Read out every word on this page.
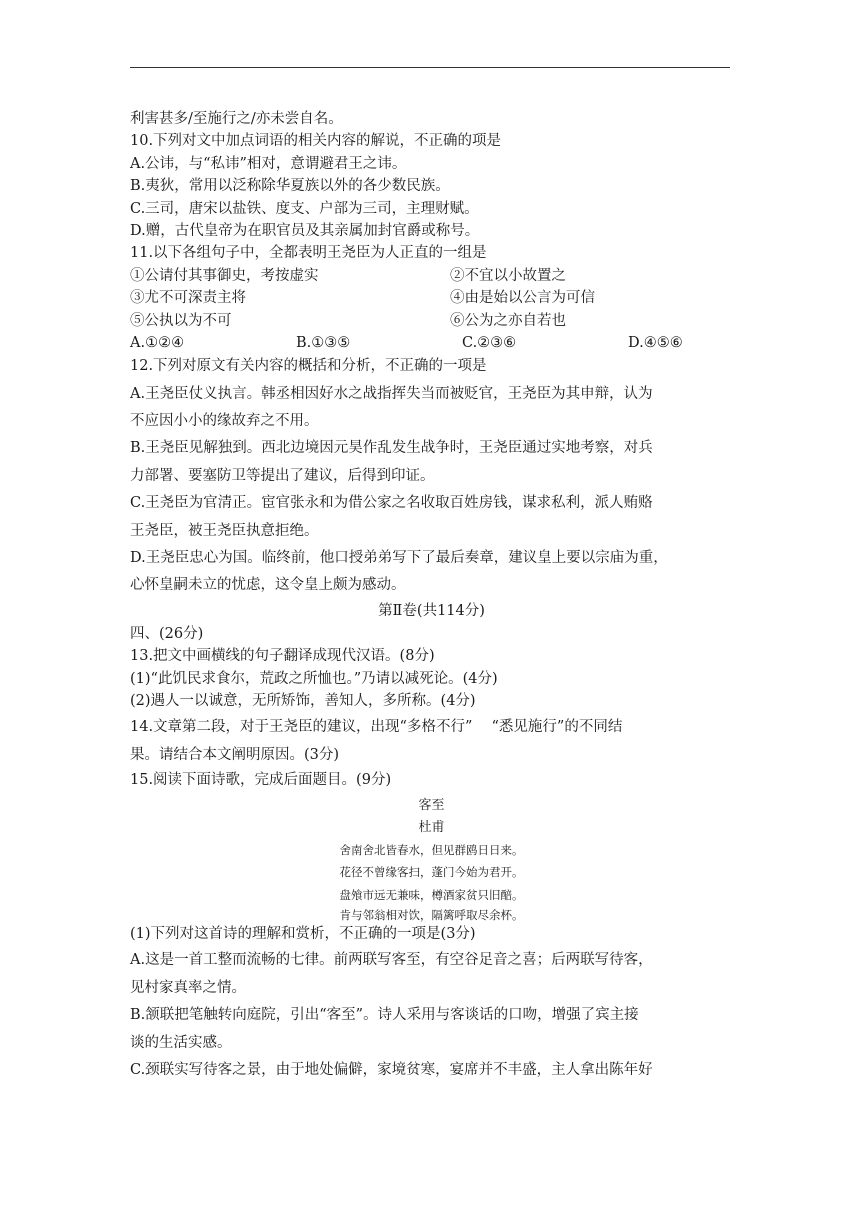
利害甚多/至施行之/亦未尝自名。
10.下列对文中加点词语的相关内容的解说，不正确的项是
A.公讳，与“私讳”相对，意谓避君王之讳。
B.夷狄，常用以泛称除华夏族以外的各少数民族。
C.三司，唐宋以盐铁、度支、户部为三司，主理财赋。
D.赠，古代皇帝为在职官员及其亲属加封官爵或称号。
11.以下各组句子中，全都表明王尧臣为人正直的一组是
①公请付其事御史，考按虚实	②不宜以小故置之
③尤不可深责主将	④由是始以公言为可信
⑤公执以为不可	⑥公为之亦自若也
A.①②④	B.①③⑤	C.②③⑥	D.④⑤⑥
12.下列对原文有关内容的概括和分析，不正确的一项是
A.王尧臣仗义执言。韩丞相因好水之战指挥失当而被贬官，王尧臣为其申辩，认为
不应因小小的缘故弃之不用。
B.王尧臣见解独到。西北边境因元昊作乱发生战争时，王尧臣通过实地考察，对兵
力部署、要塞防卫等提出了建议，后得到印证。
C.王尧臣为官清正。宦官张永和为借公家之名收取百姓房钱，谋求私利，派人贿赂
王尧臣，被王尧臣执意拒绝。
D.王尧臣忠心为国。临终前，他口授弟弟写下了最后奏章，建议皇上要以宗庙为重，
心怀皇嗣未立的忧虑，这令皇上颇为感动。
第Ⅱ卷(共114分)
四、(26分)
13.把文中画横线的句子翻译成现代汉语。(8分)
(1)“此饥民求食尔，荒政之所恤也。”乃请以减死论。(4分)
(2)遇人一以诚意，无所矫饰，善知人，多所称。(4分)
14.文章第二段，对于王尧臣的建议，出现“多格不行”　 “悉见施行”的不同结
果。请结合本文阐明原因。(3分)
15.阅读下面诗歌，完成后面题目。(9分)
客至
杜甫
舍南舍北皆春水，但见群鸥日日来。
花径不曾缘客扫，蓬门今始为君开。
盘飧市远无兼味，樽酒家贫只旧醅。
肯与邻翁相对饮，隔篱呼取尽余杯。
(1)下列对这首诗的理解和赏析，不正确的一项是(3分)
A.这是一首工整而流畅的七律。前两联写客至，有空谷足音之喜；后两联写待客，
见村家真率之情。
B.颔联把笔触转向庭院，引出“客至”。诗人采用与客谈话的口吻，增强了宾主接
谈的生活实感。
C.颈联实写待客之景，由于地处偏僻，家境贫寒，宴席并不丰盛，主人拿出陈年好
